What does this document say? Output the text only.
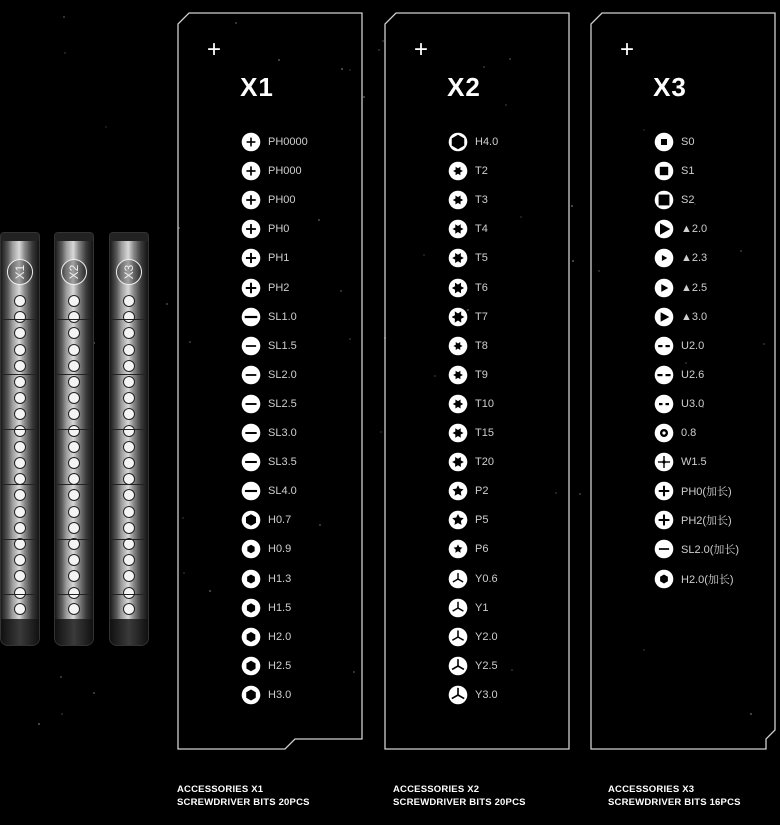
X1	X2	X3
+
X1
PH0000
PH000
PH00
PH0
PH1
PH2
SL1.0
SL1.5
SL2.0
SL2.5
SL3.0
SL3.5
SL4.0
H0.7
H0.9
H1.3
H1.5
H2.0
H2.5
H3.0
+
X2
H4.0
T2
T3
T4
T5
T6
T7
T8
T9
T10
T15
T20
P2
P5
P6
Y0.6
Y1
Y2.0
Y2.5
Y3.0
+
X3
S0
S1
S2
▲2.0
▲2.3
▲2.5
▲3.0
U2.0
U2.6
U3.0
0.8
W1.5
PH0(加长)
PH2(加长)
SL2.0(加长)
H2.0(加长)
ACCESSORIES X1
SCREWDRIVER BITS 20PCS
ACCESSORIES X2
SCREWDRIVER BITS 20PCS
ACCESSORIES X3
SCREWDRIVER BITS 16PCS
